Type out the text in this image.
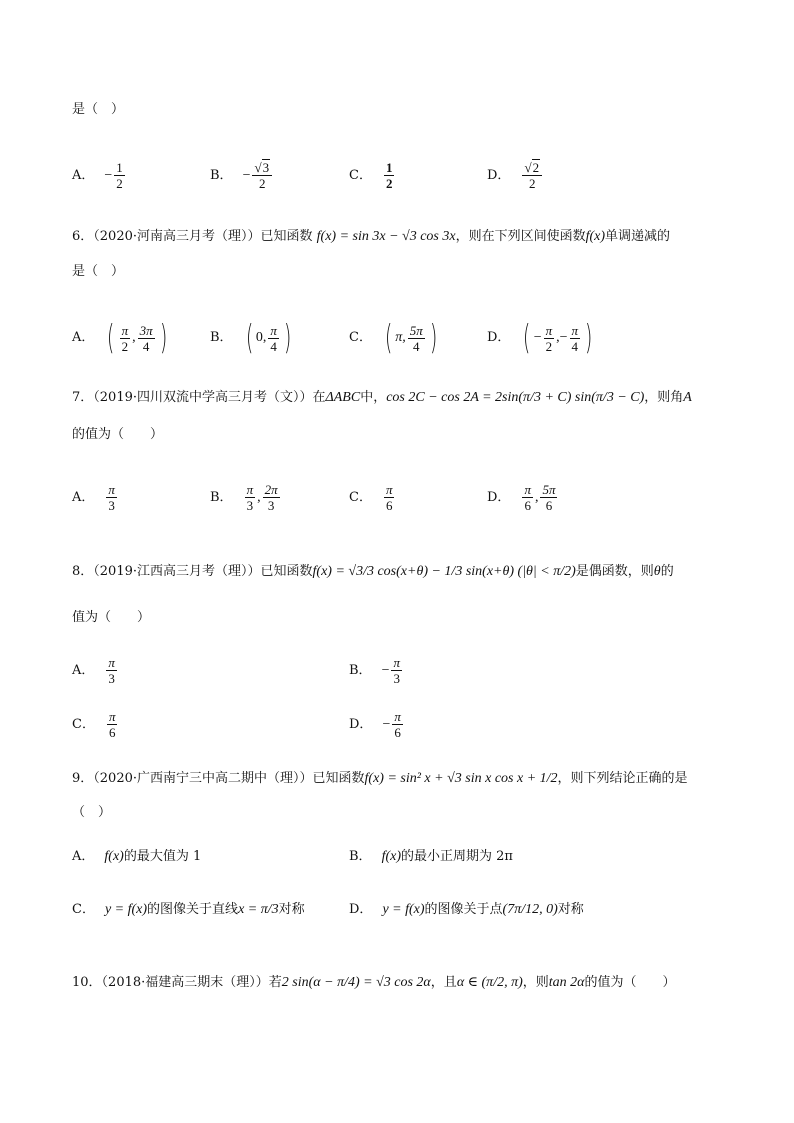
是（　）
A． − $\frac{1}{2}$	B． − $\frac{√3}{2}$	C． $\frac{1}{2}$	D． $\frac{√2}{2}$
6．（2020·河南高三月考（理））已知函数 f(x) = sin 3x − √3 cos 3x，则在下列区间使函数f(x)单调递减的
是（　）
A． ( $\frac{\pi}{2}$ , $\frac{3\pi}{4}$ )	B． ( 0, $\frac{\pi}{4}$ )	C． ( π, $\frac{5\pi}{4}$ )	D． ( − $\frac{\pi}{2}$ ,− $\frac{\pi}{4}$ )
7．（2019·四川双流中学高三月考（文））在ΔABC中，cos 2C − cos 2A = 2sin(π/3 + C) sin(π/3 − C)，则角A
的值为（　　）
A． $\frac{\pi}{3}$	B． $\frac{\pi}{3}$ , $\frac{2\pi}{3}$	C． $\frac{\pi}{6}$	D． $\frac{\pi}{6}$ , $\frac{5\pi}{6}$
8．（2019·江西高三月考（理））已知函数f(x) = √3/3 cos(x+θ) − 1/3 sin(x+θ) (|θ| < π/2)是偶函数，则θ的
值为（　　）
A． $\frac{\pi}{3}$	B． − $\frac{\pi}{3}$
C． $\frac{\pi}{6}$	D． − $\frac{\pi}{6}$
9．（2020·广西南宁三中高二期中（理））已知函数f(x) = sin² x + √3 sin x cos x + 1/2，则下列结论正确的是
（　）
A． f(x) 的最大值为 1	B． f(x) 的最小正周期为 2π
C． y = f(x) 的图像关于直线 x = π/3 对称	D． y = f(x) 的图像关于点 (7π/12, 0) 对称
10．（2018·福建高三期末（理））若2 sin(α − π/4) = √3 cos 2α，且α ∈ (π/2, π)，则tan 2α的值为（　　）
